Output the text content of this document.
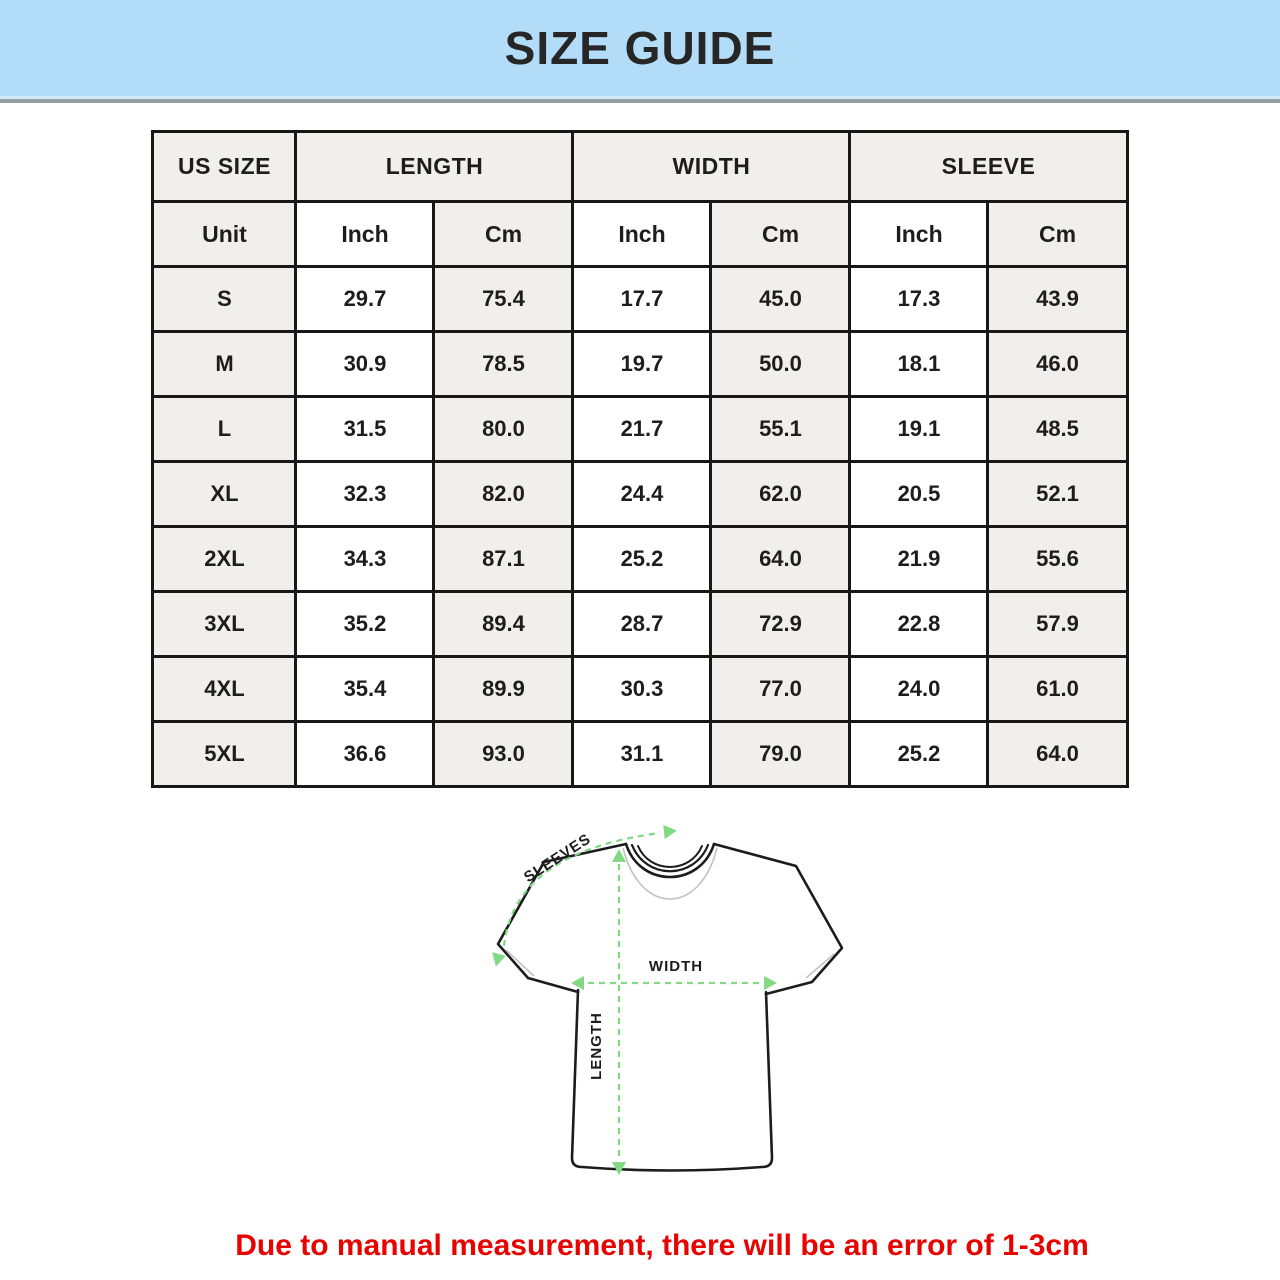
SIZE GUIDE
US SIZE	LENGTH		WIDTH		SLEEVE	
Unit	Inch	Cm	Inch	Cm	Inch	Cm
S	29.7	75.4	17.7	45.0	17.3	43.9
M	30.9	78.5	19.7	50.0	18.1	46.0
L	31.5	80.0	21.7	55.1	19.1	48.5
XL	32.3	82.0	24.4	62.0	20.5	52.1
2XL	34.3	87.1	25.2	64.0	21.9	55.6
3XL	35.2	89.4	28.7	72.9	22.8	57.9
4XL	35.4	89.9	30.3	77.0	24.0	61.0
5XL	36.6	93.0	31.1	79.0	25.2	64.0
SLEEVES
WIDTH
LENGTH

Due to manual measurement, there will be an error of 1-3cm
